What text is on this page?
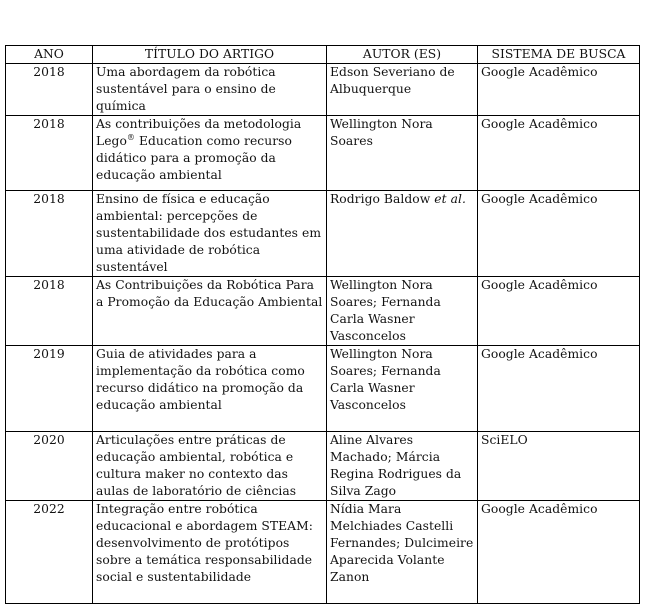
ANO	TÍTULO DO ARTIGO	AUTOR (ES)	SISTEMA DE BUSCA
2018	Uma abordagem da robótica sustentável para o ensino de química	Edson Severiano de Albuquerque	Google Acadêmico
2018	As contribuições da metodologia Lego® Education como recurso didático para a promoção da educação ambiental	Wellington Nora Soares	Google Acadêmico
2018	Ensino de física e educação ambiental: percepções de sustentabilidade dos estudantes em uma atividade de robótica sustentável	Rodrigo Baldow et al.	Google Acadêmico
2018	As Contribuições da Robótica Para a Promoção da Educação Ambiental	Wellington Nora Soares; Fernanda Carla Wasner Vasconcelos	Google Acadêmico
2019	Guia de atividades para a implementação da robótica como recurso didático na promoção da educação ambiental	Wellington Nora Soares; Fernanda Carla Wasner Vasconcelos	Google Acadêmico
2020	Articulações entre práticas de educação ambiental, robótica e cultura maker no contexto das aulas de laboratório de ciências	Aline Alvares Machado; Márcia Regina Rodrigues da Silva Zago	SciELO
2022	Integração entre robótica educacional e abordagem STEAM: desenvolvimento de protótipos sobre a temática responsabilidade social e sustentabilidade	Nídia Mara Melchiades Castelli Fernandes; Dulcimeire Aparecida Volante Zanon	Google Acadêmico
